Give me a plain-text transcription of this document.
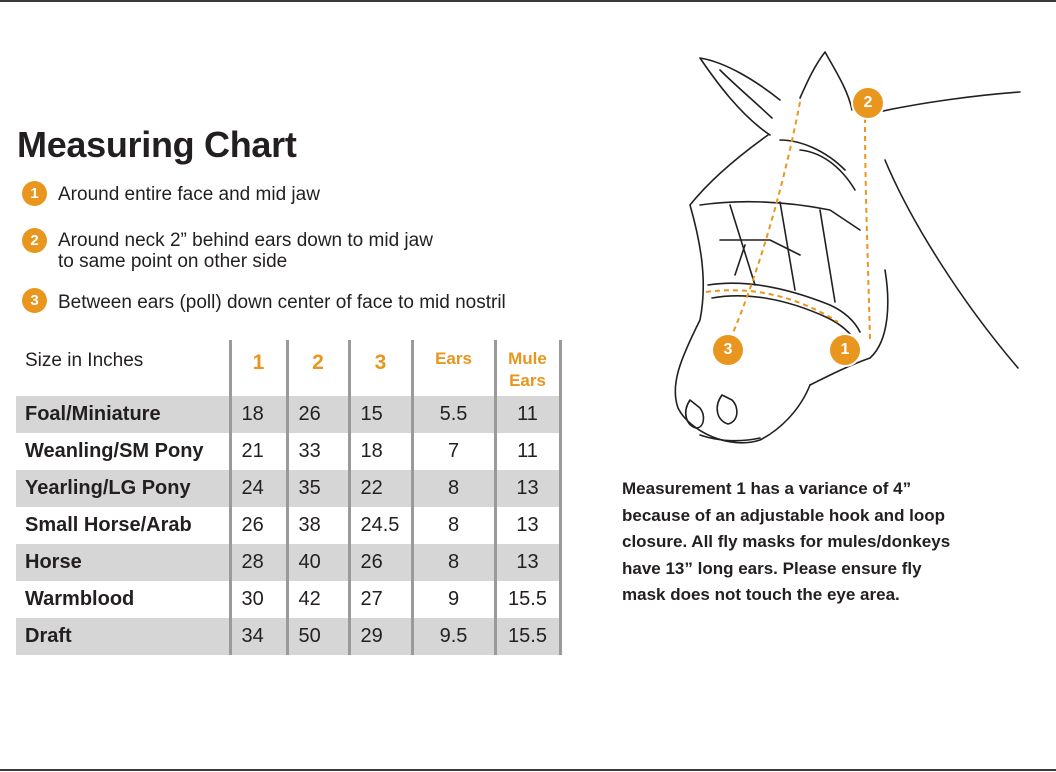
Measuring Chart
1	Around entire face and mid jaw
2	Around neck 2” behind ears down to mid jaw
to same point on other side
3	Between ears (poll) down center of face to mid nostril
Size in Inches	1	2	3	Ears	Mule
Ears

Foal/Miniature	18	26	15	5.5	11
Weanling/SM Pony	21	33	18	7	11
Yearling/LG Pony	24	35	22	8	13
Small Horse/Arab	26	38	24.5	8	13
Horse	28	40	26	8	13
Warmblood	30	42	27	9	15.5
Draft	34	50	29	9.5	15.5
2
1
3
Measurement 1 has a variance of 4”
because of an adjustable hook and loop
closure. All fly masks for mules/donkeys
have 13” long ears. Please ensure fly
mask does not touch the eye area.
